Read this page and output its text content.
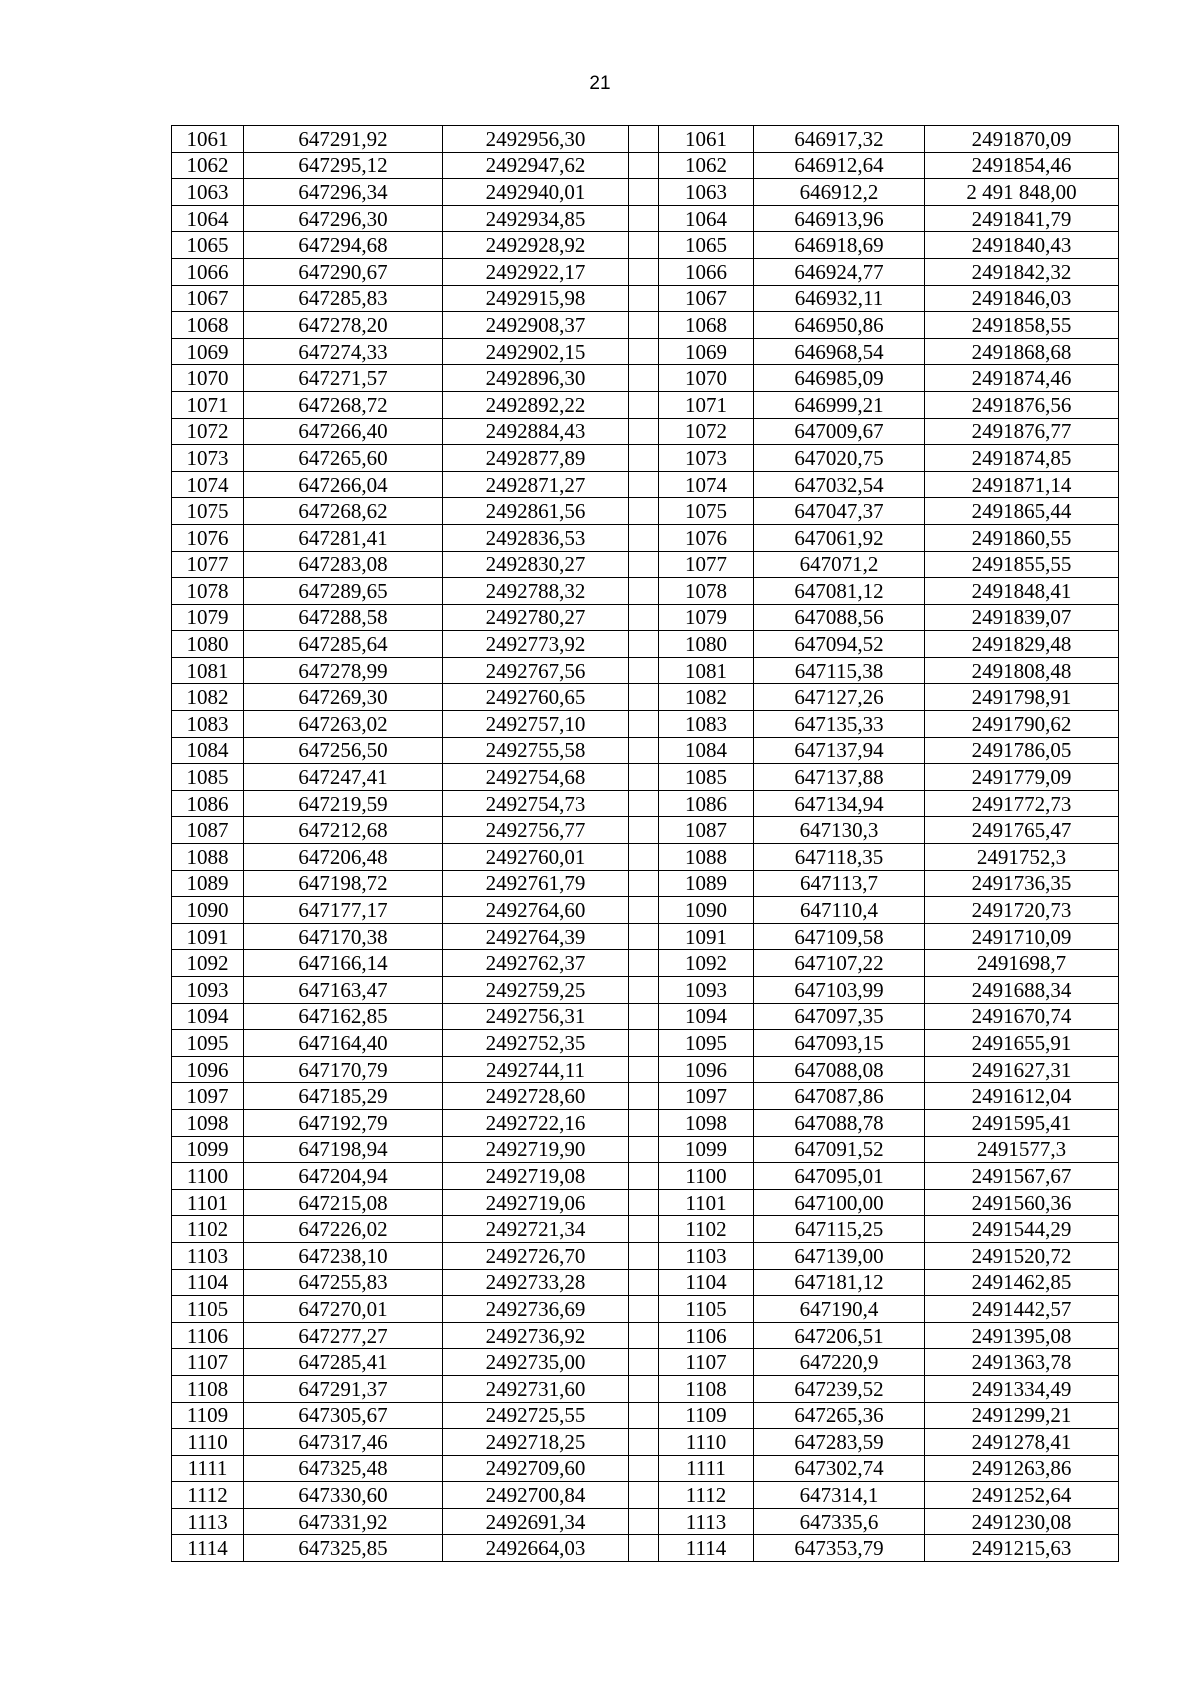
21
1061	647291,92	2492956,30		1061	646917,32	2491870,09
1062	647295,12	2492947,62		1062	646912,64	2491854,46
1063	647296,34	2492940,01		1063	646912,2	2 491 848,00
1064	647296,30	2492934,85		1064	646913,96	2491841,79
1065	647294,68	2492928,92		1065	646918,69	2491840,43
1066	647290,67	2492922,17		1066	646924,77	2491842,32
1067	647285,83	2492915,98		1067	646932,11	2491846,03
1068	647278,20	2492908,37		1068	646950,86	2491858,55
1069	647274,33	2492902,15		1069	646968,54	2491868,68
1070	647271,57	2492896,30		1070	646985,09	2491874,46
1071	647268,72	2492892,22		1071	646999,21	2491876,56
1072	647266,40	2492884,43		1072	647009,67	2491876,77
1073	647265,60	2492877,89		1073	647020,75	2491874,85
1074	647266,04	2492871,27		1074	647032,54	2491871,14
1075	647268,62	2492861,56		1075	647047,37	2491865,44
1076	647281,41	2492836,53		1076	647061,92	2491860,55
1077	647283,08	2492830,27		1077	647071,2	2491855,55
1078	647289,65	2492788,32		1078	647081,12	2491848,41
1079	647288,58	2492780,27		1079	647088,56	2491839,07
1080	647285,64	2492773,92		1080	647094,52	2491829,48
1081	647278,99	2492767,56		1081	647115,38	2491808,48
1082	647269,30	2492760,65		1082	647127,26	2491798,91
1083	647263,02	2492757,10		1083	647135,33	2491790,62
1084	647256,50	2492755,58		1084	647137,94	2491786,05
1085	647247,41	2492754,68		1085	647137,88	2491779,09
1086	647219,59	2492754,73		1086	647134,94	2491772,73
1087	647212,68	2492756,77		1087	647130,3	2491765,47
1088	647206,48	2492760,01		1088	647118,35	2491752,3
1089	647198,72	2492761,79		1089	647113,7	2491736,35
1090	647177,17	2492764,60		1090	647110,4	2491720,73
1091	647170,38	2492764,39		1091	647109,58	2491710,09
1092	647166,14	2492762,37		1092	647107,22	2491698,7
1093	647163,47	2492759,25		1093	647103,99	2491688,34
1094	647162,85	2492756,31		1094	647097,35	2491670,74
1095	647164,40	2492752,35		1095	647093,15	2491655,91
1096	647170,79	2492744,11		1096	647088,08	2491627,31
1097	647185,29	2492728,60		1097	647087,86	2491612,04
1098	647192,79	2492722,16		1098	647088,78	2491595,41
1099	647198,94	2492719,90		1099	647091,52	2491577,3
1100	647204,94	2492719,08		1100	647095,01	2491567,67
1101	647215,08	2492719,06		1101	647100,00	2491560,36
1102	647226,02	2492721,34		1102	647115,25	2491544,29
1103	647238,10	2492726,70		1103	647139,00	2491520,72
1104	647255,83	2492733,28		1104	647181,12	2491462,85
1105	647270,01	2492736,69		1105	647190,4	2491442,57
1106	647277,27	2492736,92		1106	647206,51	2491395,08
1107	647285,41	2492735,00		1107	647220,9	2491363,78
1108	647291,37	2492731,60		1108	647239,52	2491334,49
1109	647305,67	2492725,55		1109	647265,36	2491299,21
1110	647317,46	2492718,25		1110	647283,59	2491278,41
1111	647325,48	2492709,60		1111	647302,74	2491263,86
1112	647330,60	2492700,84		1112	647314,1	2491252,64
1113	647331,92	2492691,34		1113	647335,6	2491230,08
1114	647325,85	2492664,03		1114	647353,79	2491215,63
